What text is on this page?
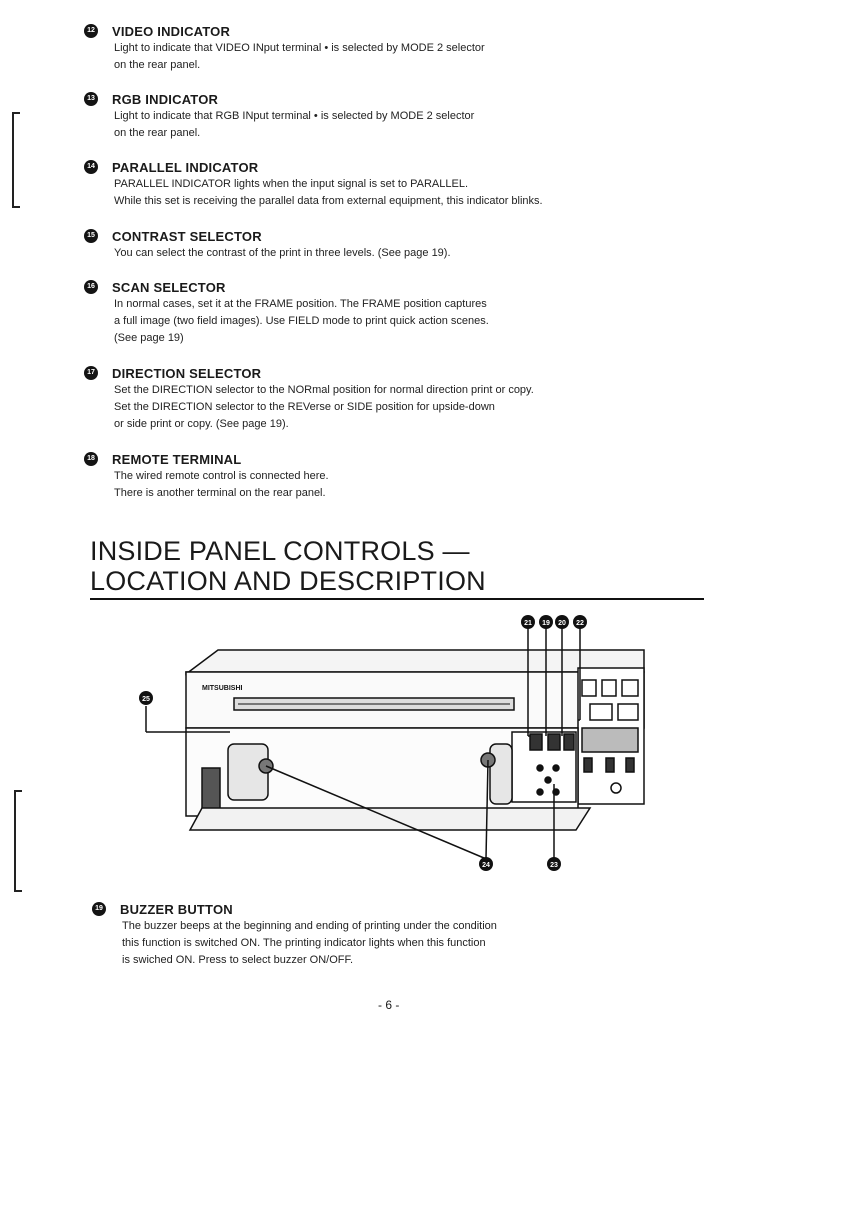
12 VIDEO INDICATOR
Light to indicate that VIDEO INput terminal • is selected by MODE 2 selector
on the rear panel.
13 RGB INDICATOR
Light to indicate that RGB INput terminal • is selected by MODE 2 selector
on the rear panel.
14 PARALLEL INDICATOR
PARALLEL INDICATOR lights when the input signal is set to PARALLEL.
While this set is receiving the parallel data from external equipment, this indicator blinks.
15 CONTRAST SELECTOR
You can select the contrast of the print in three levels. (See page 19).
16 SCAN SELECTOR
In normal cases, set it at the FRAME position. The FRAME position captures
a full image (two field images). Use FIELD mode to print quick action scenes.
(See page 19)
17 DIRECTION SELECTOR
Set the DIRECTION selector to the NORmal position for normal direction print or copy.
Set the DIRECTION selector to the REVerse or SIDE position for upside-down
or side print or copy. (See page 19).
18 REMOTE TERMINAL
The wired remote control is connected here.
There is another terminal on the rear panel.
INSIDE PANEL CONTROLS —
LOCATION AND DESCRIPTION
MITSUBISHI
21 19 20 22
25
24	23
19 BUZZER BUTTON
The buzzer beeps at the beginning and ending of printing under the condition
this function is switched ON. The printing indicator lights when this function
is swiched ON. Press to select buzzer ON/OFF.
- 6 -
